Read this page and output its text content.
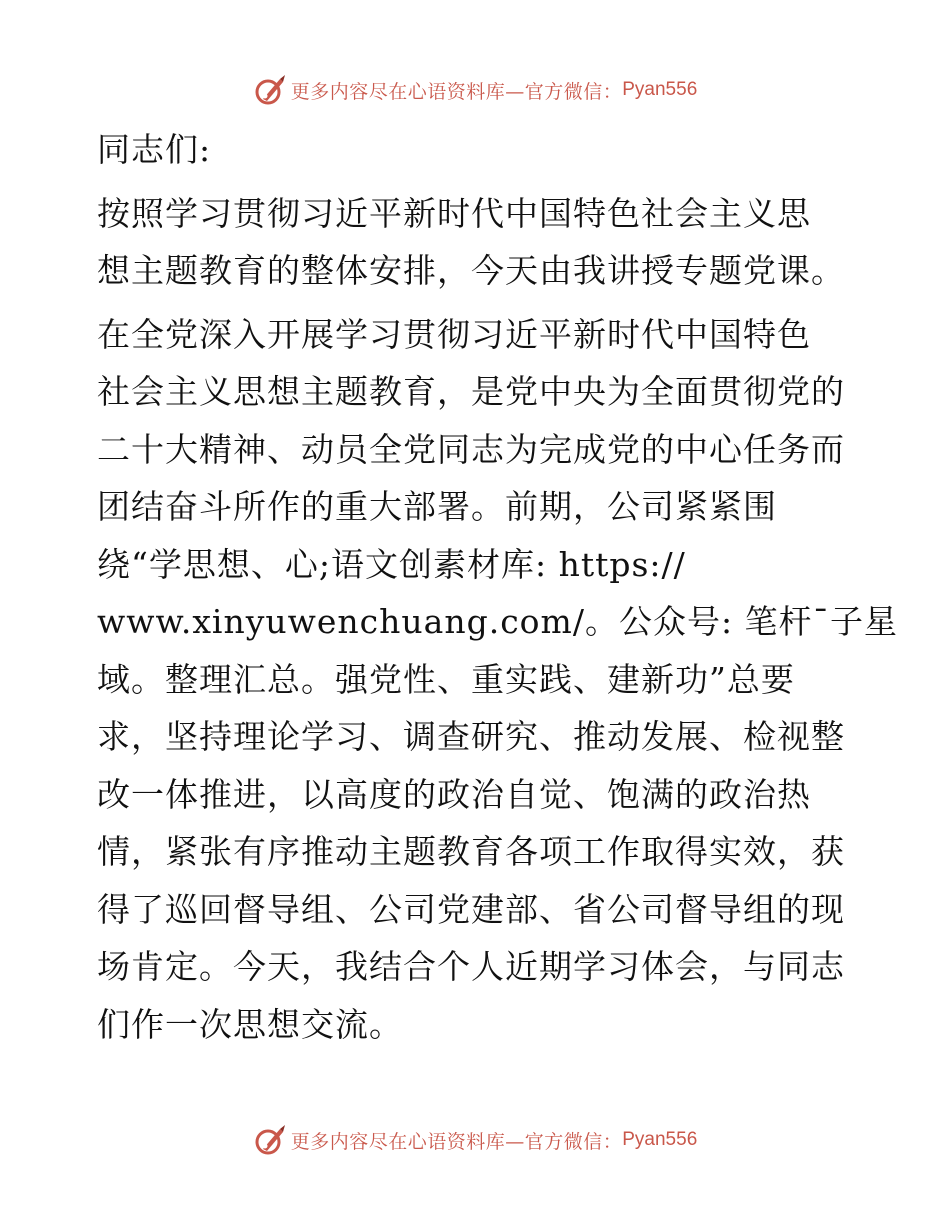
更多内容尽在心语资料库—官方微信： Pyan556
同志们:
按照学习贯彻习近平新时代中国特色社会主义思
想主题教育的整体安排，今天由我讲授专题党课。
在全党深入开展学习贯彻习近平新时代中国特色
社会主义思想主题教育，是党中央为全面贯彻党的
二十大精神、动员全党同志为完成党的中心任务而
团结奋斗所作的重大部署。前期，公司紧紧围
绕“学思想、心;语文创素材库: https://
www.xinyuwenchuang.com/。公众号: 笔杆¯子星
域。整理汇总。强党性、重实践、建新功”总要
求，坚持理论学习、调查研究、推动发展、检视整
改一体推进，以高度的政治自觉、饱满的政治热
情，紧张有序推动主题教育各项工作取得实效，获
得了巡回督导组、公司党建部、省公司督导组的现
场肯定。今天，我结合个人近期学习体会，与同志
们作一次思想交流。
更多内容尽在心语资料库—官方微信： Pyan556
